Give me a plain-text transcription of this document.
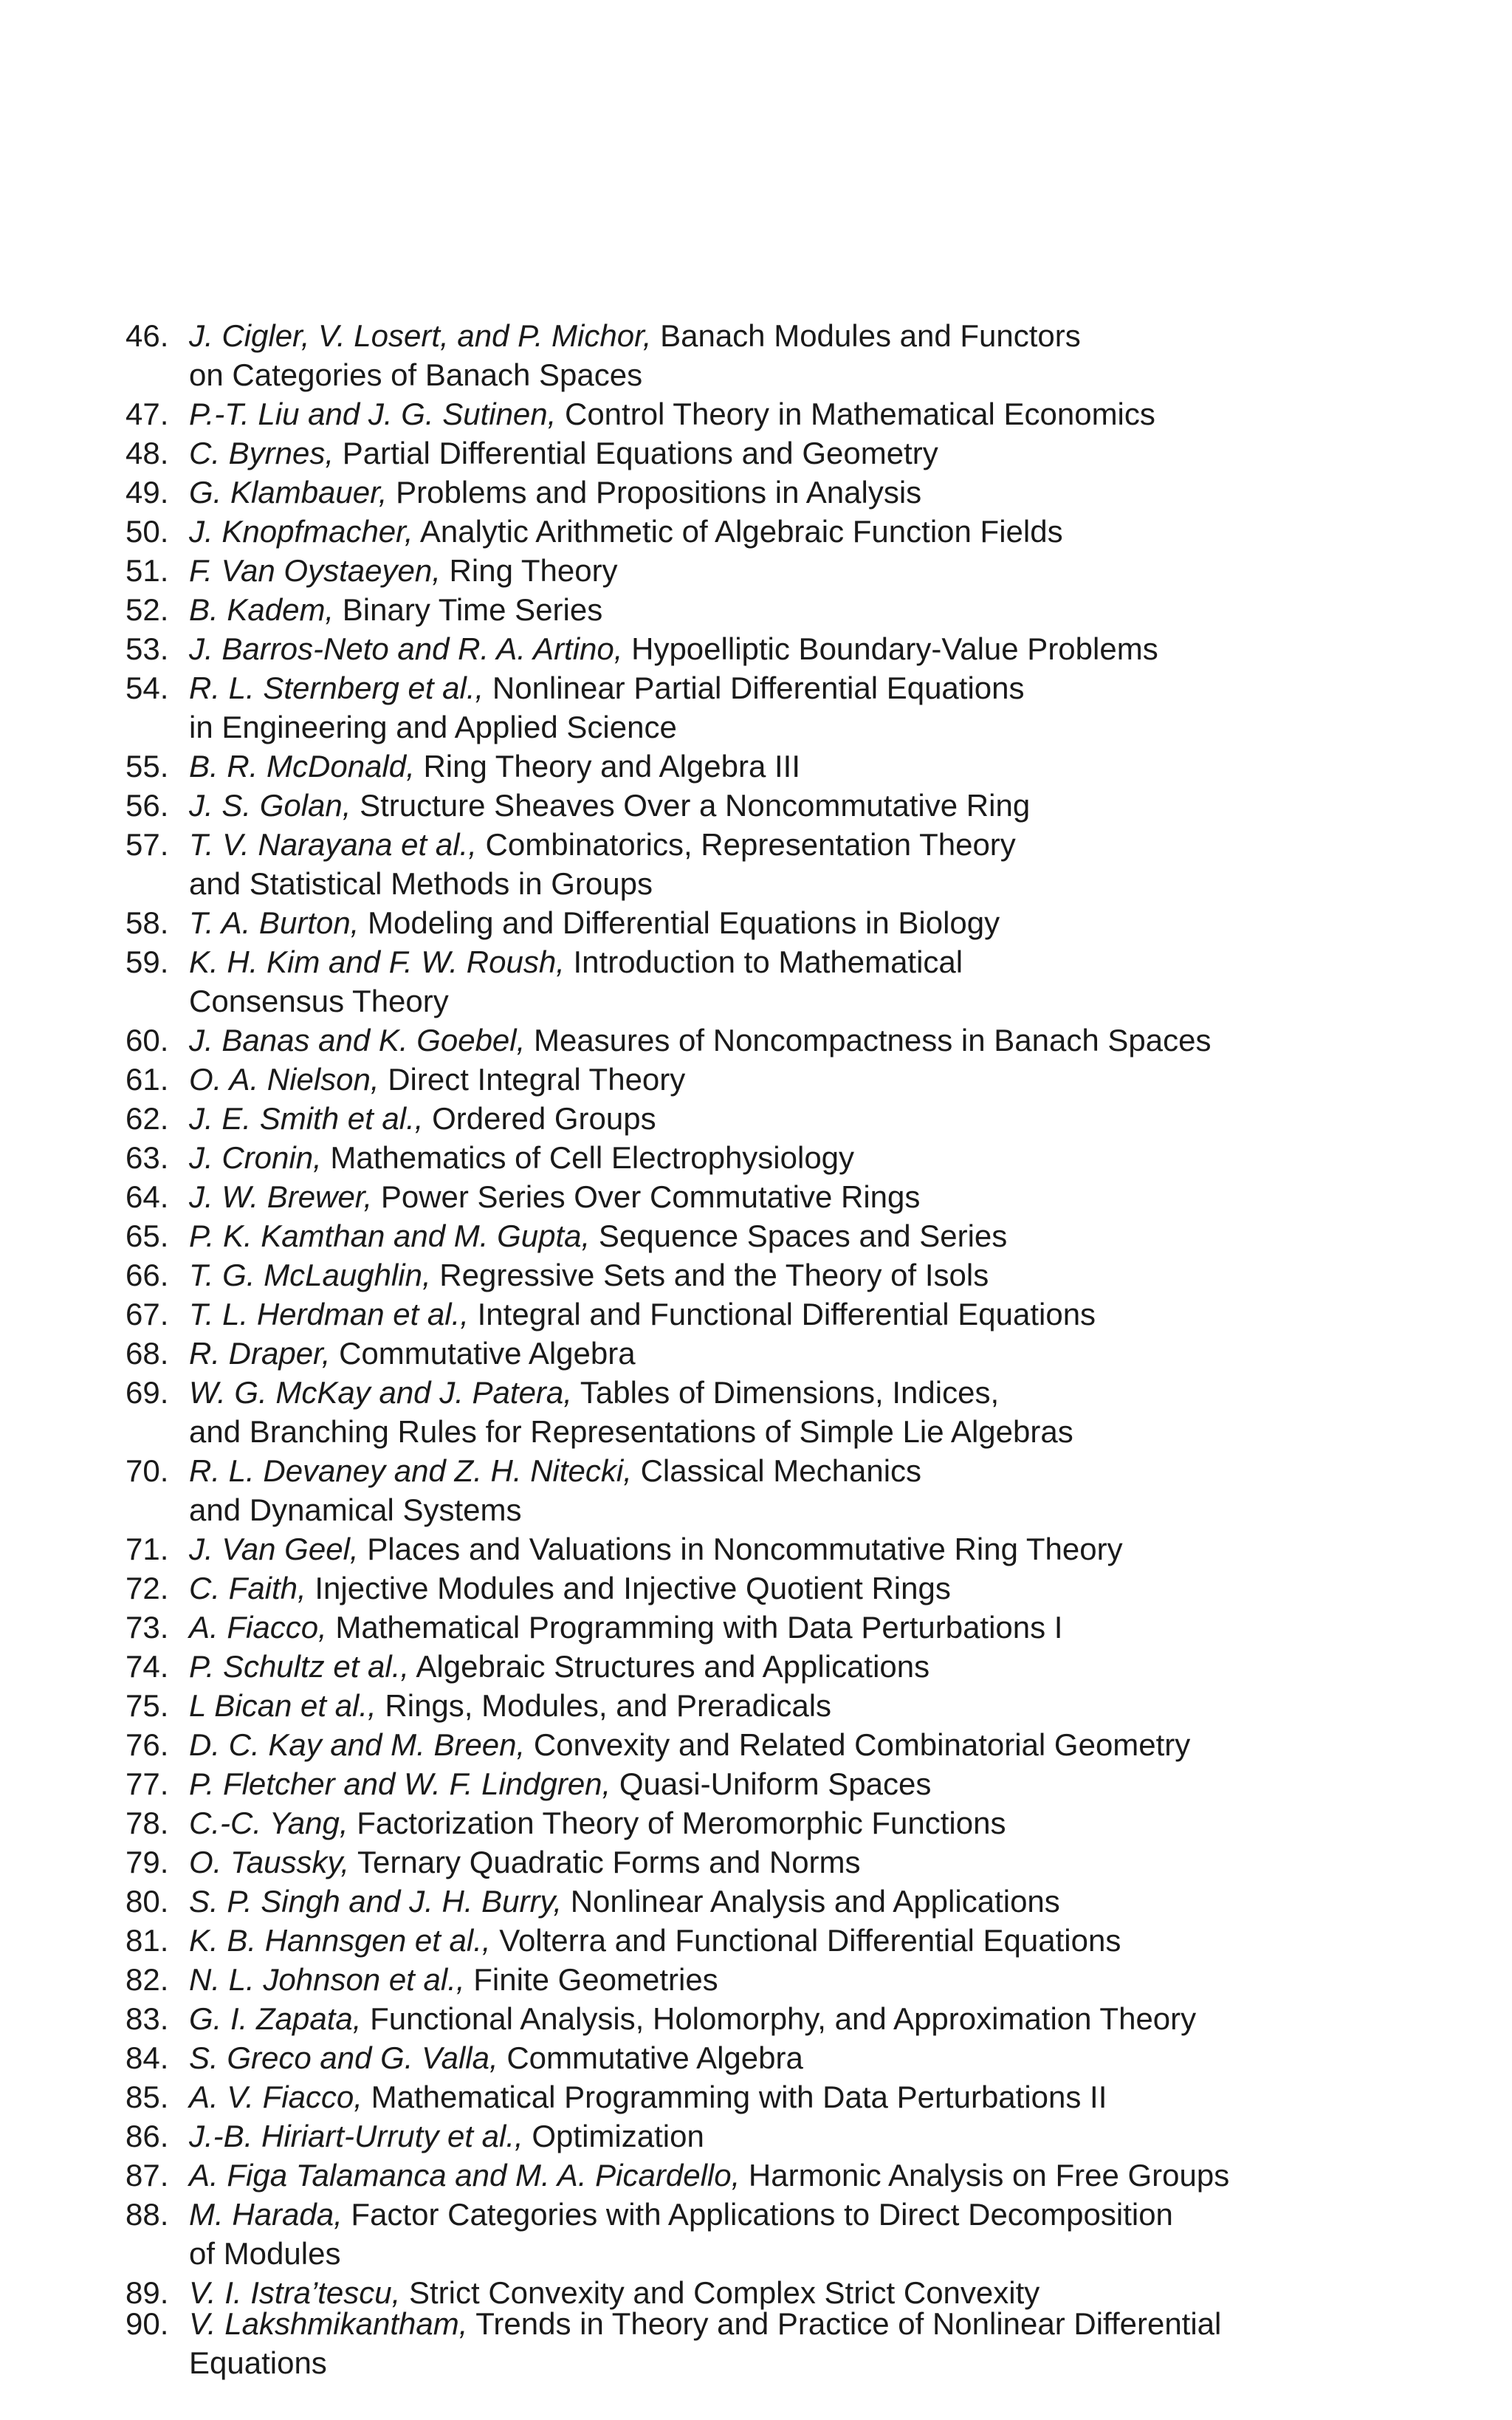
46. J. Cigler, V. Losert, and P. Michor, Banach Modules and Functors
on Categories of Banach Spaces
47. P.-T. Liu and J. G. Sutinen, Control Theory in Mathematical Economics
48. C. Byrnes, Partial Differential Equations and Geometry
49. G. Klambauer, Problems and Propositions in Analysis
50. J. Knopfmacher, Analytic Arithmetic of Algebraic Function Fields
51. F. Van Oystaeyen, Ring Theory
52. B. Kadem, Binary Time Series
53. J. Barros-Neto and R. A. Artino, Hypoelliptic Boundary-Value Problems
54. R. L. Sternberg et al., Nonlinear Partial Differential Equations
in Engineering and Applied Science
55. B. R. McDonald, Ring Theory and Algebra III
56. J. S. Golan, Structure Sheaves Over a Noncommutative Ring
57. T. V. Narayana et al., Combinatorics, Representation Theory
and Statistical Methods in Groups
58. T. A. Burton, Modeling and Differential Equations in Biology
59. K. H. Kim and F. W. Roush, Introduction to Mathematical
Consensus Theory
60. J. Banas and K. Goebel, Measures of Noncompactness in Banach Spaces
61. O. A. Nielson, Direct Integral Theory
62. J. E. Smith et al., Ordered Groups
63. J. Cronin, Mathematics of Cell Electrophysiology
64. J. W. Brewer, Power Series Over Commutative Rings
65. P. K. Kamthan and M. Gupta, Sequence Spaces and Series
66. T. G. McLaughlin, Regressive Sets and the Theory of Isols
67. T. L. Herdman et al., Integral and Functional Differential Equations
68. R. Draper, Commutative Algebra
69. W. G. McKay and J. Patera, Tables of Dimensions, Indices,
and Branching Rules for Representations of Simple Lie Algebras
70. R. L. Devaney and Z. H. Nitecki, Classical Mechanics
and Dynamical Systems
71. J. Van Geel, Places and Valuations in Noncommutative Ring Theory
72. C. Faith, Injective Modules and Injective Quotient Rings
73. A. Fiacco, Mathematical Programming with Data Perturbations I
74. P. Schultz et al., Algebraic Structures and Applications
75. L Bican et al., Rings, Modules, and Preradicals
76. D. C. Kay and M. Breen, Convexity and Related Combinatorial Geometry
77. P. Fletcher and W. F. Lindgren, Quasi-Uniform Spaces
78. C.-C. Yang, Factorization Theory of Meromorphic Functions
79. O. Taussky, Ternary Quadratic Forms and Norms
80. S. P. Singh and J. H. Burry, Nonlinear Analysis and Applications
81. K. B. Hannsgen et al., Volterra and Functional Differential Equations
82. N. L. Johnson et al., Finite Geometries
83. G. I. Zapata, Functional Analysis, Holomorphy, and Approximation Theory
84. S. Greco and G. Valla, Commutative Algebra
85. A. V. Fiacco, Mathematical Programming with Data Perturbations II
86. J.-B. Hiriart-Urruty et al., Optimization
87. A. Figa Talamanca and M. A. Picardello, Harmonic Analysis on Free Groups
88. M. Harada, Factor Categories with Applications to Direct Decomposition
of Modules
89. V. I. Istra’tescu, Strict Convexity and Complex Strict Convexity
90. V. Lakshmikantham, Trends in Theory and Practice of Nonlinear Differential
Equations
